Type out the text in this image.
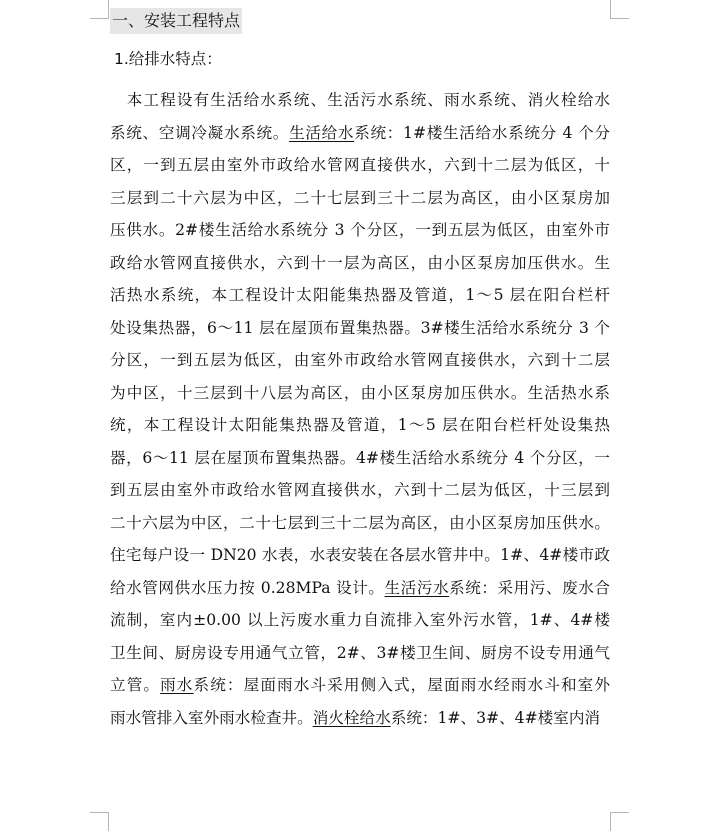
一、安装工程特点
1.给排水特点：
　本工程设有生活给水系统、生活污水系统、雨水系统、消火栓给水
系统、空调冷凝水系统。生活给水系统：1#楼生活给水系统分 4 个分
区，一到五层由室外市政给水管网直接供水，六到十二层为低区，十
三层到二十六层为中区，二十七层到三十二层为高区，由小区泵房加
压供水。2#楼生活给水系统分 3 个分区，一到五层为低区，由室外市
政给水管网直接供水，六到十一层为高区，由小区泵房加压供水。生
活热水系统，本工程设计太阳能集热器及管道，1～5 层在阳台栏杆
处设集热器，6～11 层在屋顶布置集热器。3#楼生活给水系统分 3 个
分区，一到五层为低区，由室外市政给水管网直接供水，六到十二层
为中区，十三层到十八层为高区，由小区泵房加压供水。生活热水系
统，本工程设计太阳能集热器及管道，1～5 层在阳台栏杆处设集热
器，6～11 层在屋顶布置集热器。4#楼生活给水系统分 4 个分区，一
到五层由室外市政给水管网直接供水，六到十二层为低区，十三层到
二十六层为中区，二十七层到三十二层为高区，由小区泵房加压供水。
住宅每户设一 DN20 水表，水表安装在各层水管井中。1#、4#楼市政
给水管网供水压力按 0.28MPa 设计。生活污水系统：采用污、废水合
流制，室内±0.00 以上污废水重力自流排入室外污水管，1#、4#楼
卫生间、厨房设专用通气立管，2#、3#楼卫生间、厨房不设专用通气
立管。雨水系统：屋面雨水斗采用侧入式，屋面雨水经雨水斗和室外
雨水管排入室外雨水检查井。消火栓给水系统：1#、3#、4#楼室内消
